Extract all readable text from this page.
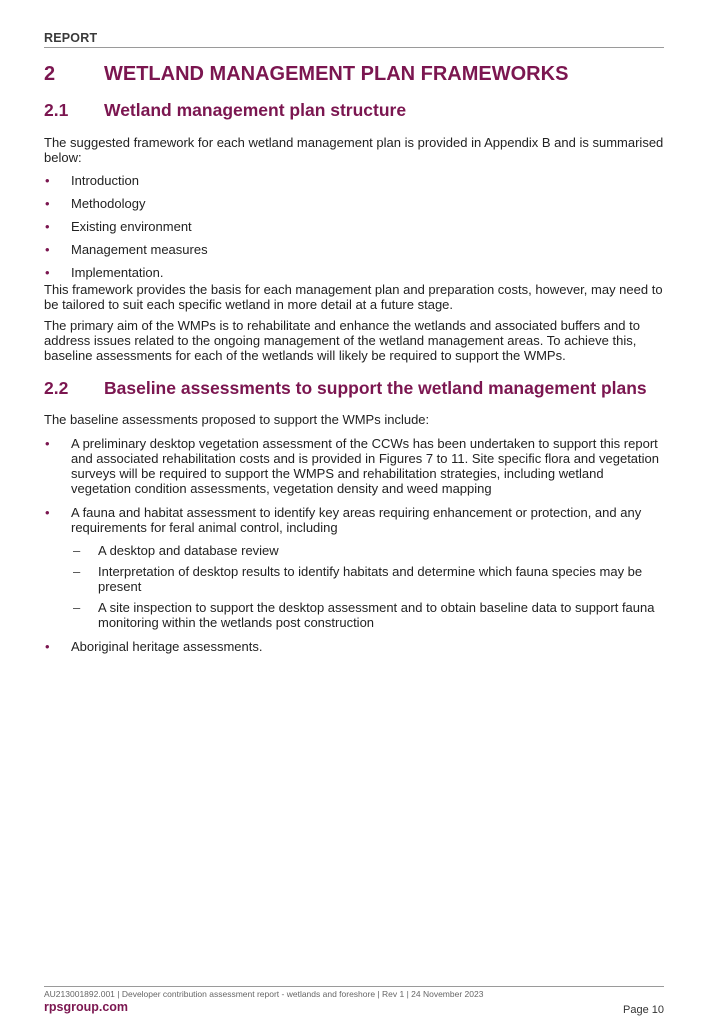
REPORT
2	WETLAND MANAGEMENT PLAN FRAMEWORKS
2.1	Wetland management plan structure

The suggested framework for each wetland management plan is provided in Appendix B and is summarised below:

• Introduction
• Methodology
• Existing environment
• Management measures
• Implementation.

This framework provides the basis for each management plan and preparation costs, however, may need to be tailored to suit each specific wetland in more detail at a future stage.

The primary aim of the WMPs is to rehabilitate and enhance the wetlands and associated buffers and to address issues related to the ongoing management of the wetland management areas. To achieve this, baseline assessments for each of the wetlands will likely be required to support the WMPs.

2.2	Baseline assessments to support the wetland management plans

The baseline assessments proposed to support the WMPs include:

• A preliminary desktop vegetation assessment of the CCWs has been undertaken to support this report and associated rehabilitation costs and is provided in Figures 7 to 11. Site specific flora and vegetation surveys will be required to support the WMPS and rehabilitation strategies, including wetland vegetation condition assessments, vegetation density and weed mapping
• A fauna and habitat assessment to identify key areas requiring enhancement or protection, and any requirements for feral animal control, including
– A desktop and database review
– Interpretation of desktop results to identify habitats and determine which fauna species may be present
– A site inspection to support the desktop assessment and to obtain baseline data to support fauna monitoring within the wetlands post construction
• Aboriginal heritage assessments.
AU213001892.001 | Developer contribution assessment report - wetlands and foreshore | Rev 1 | 24 November 2023
rpsgroup.com	Page 10
